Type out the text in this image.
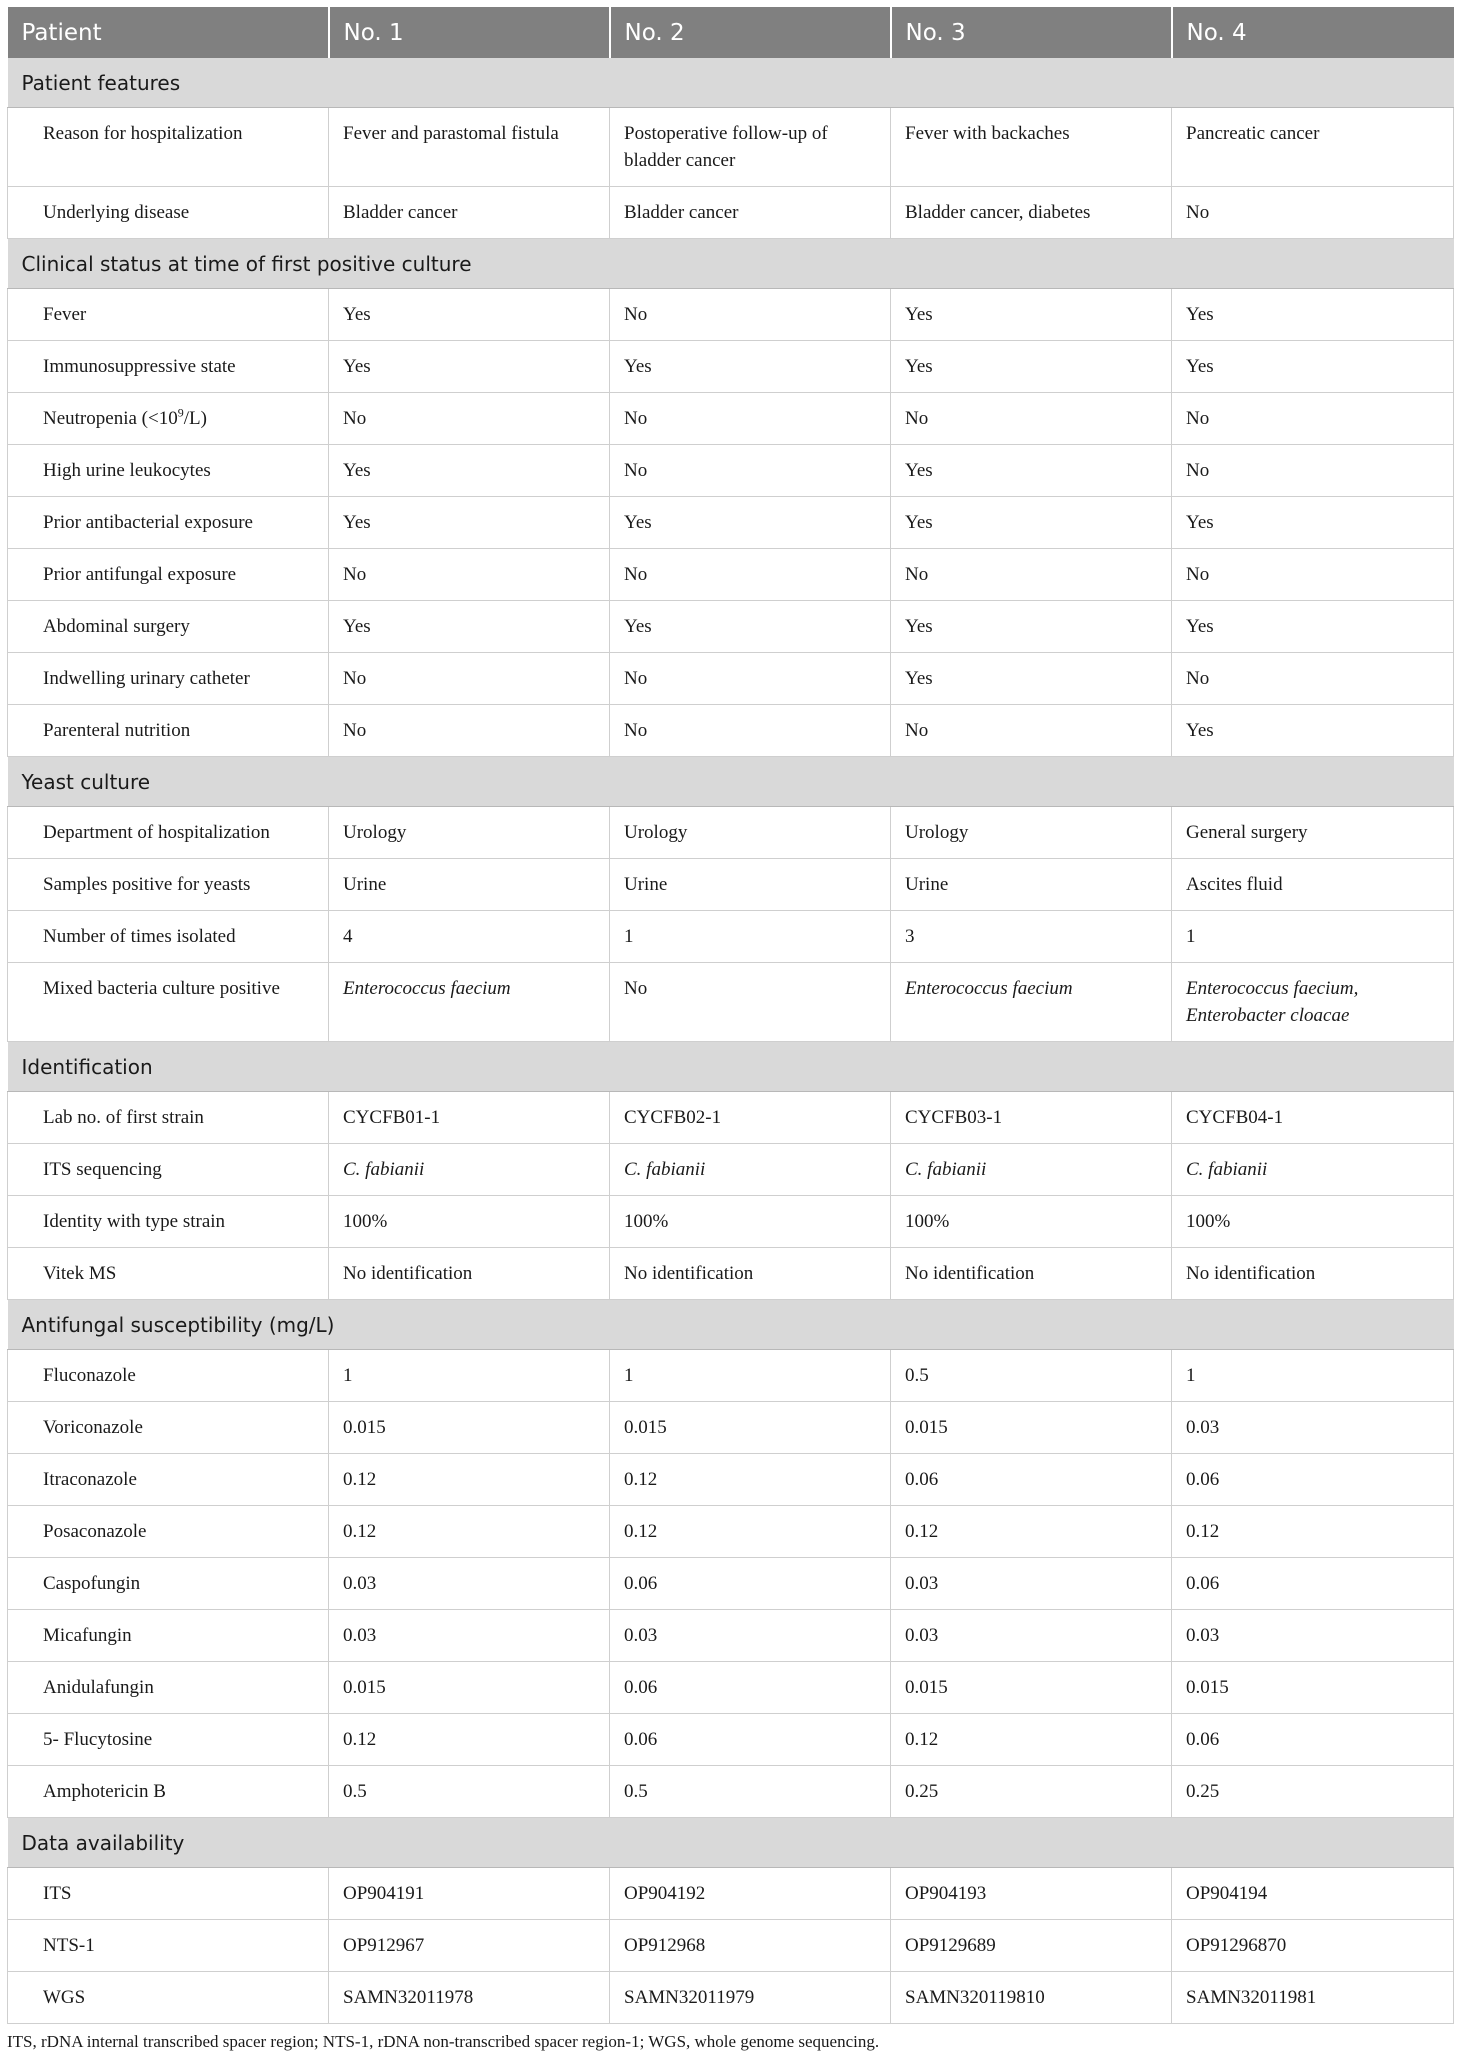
Patient	No. 1	No. 2	No. 3	No. 4
Patient features				
Reason for hospitalization	Fever and parastomal fistula	Postoperative follow-up of bladder cancer	Fever with backaches	Pancreatic cancer
Underlying disease	Bladder cancer	Bladder cancer	Bladder cancer, diabetes	No
Clinical status at time of first positive culture				
Fever	Yes	No	Yes	Yes
Immunosuppressive state	Yes	Yes	Yes	Yes
Neutropenia $(<10^9/L)$	No	No	No	No
High urine leukocytes	Yes	No	Yes	No
Prior antibacterial exposure	Yes	Yes	Yes	Yes
Prior antifungal exposure	No	No	No	No
Abdominal surgery	Yes	Yes	Yes	Yes
Indwelling urinary catheter	No	No	Yes	No
Parenteral nutrition	No	No	No	Yes
Yeast culture				
Department of hospitalization	Urology	Urology	Urology	General surgery
Samples positive for yeasts	Urine	Urine	Urine	Ascites fluid
Number of times isolated	4	1	3	1
Mixed bacteria culture positive	Enterococcus faecium	No	Enterococcus faecium	Enterococcus faecium, Enterobacter cloacae
Identification				
Lab no. of first strain	CYCFB01-1	CYCFB02-1	CYCFB03-1	CYCFB04-1
ITS sequencing	C. fabianii	C. fabianii	C. fabianii	C. fabianii
Identity with type strain	100%	100%	100%	100%
Vitek MS	No identification	No identification	No identification	No identification
Antifungal susceptibility (mg/L)				
Fluconazole	1	1	0.5	1
Voriconazole	0.015	0.015	0.015	0.03
Itraconazole	0.12	0.12	0.06	0.06
Posaconazole	0.12	0.12	0.12	0.12
Caspofungin	0.03	0.06	0.03	0.06
Micafungin	0.03	0.03	0.03	0.03
Anidulafungin	0.015	0.06	0.015	0.015
5- Flucytosine	0.12	0.06	0.12	0.06
Amphotericin B	0.5	0.5	0.25	0.25
Data availability				
ITS	OP904191	OP904192	OP904193	OP904194
NTS-1	OP912967	OP912968	OP9129689	OP91296870
WGS	SAMN32011978	SAMN32011979	SAMN320119810	SAMN32011981
ITS, rDNA internal transcribed spacer region; NTS-1, rDNA non-transcribed spacer region-1; WGS, whole genome sequencing.
